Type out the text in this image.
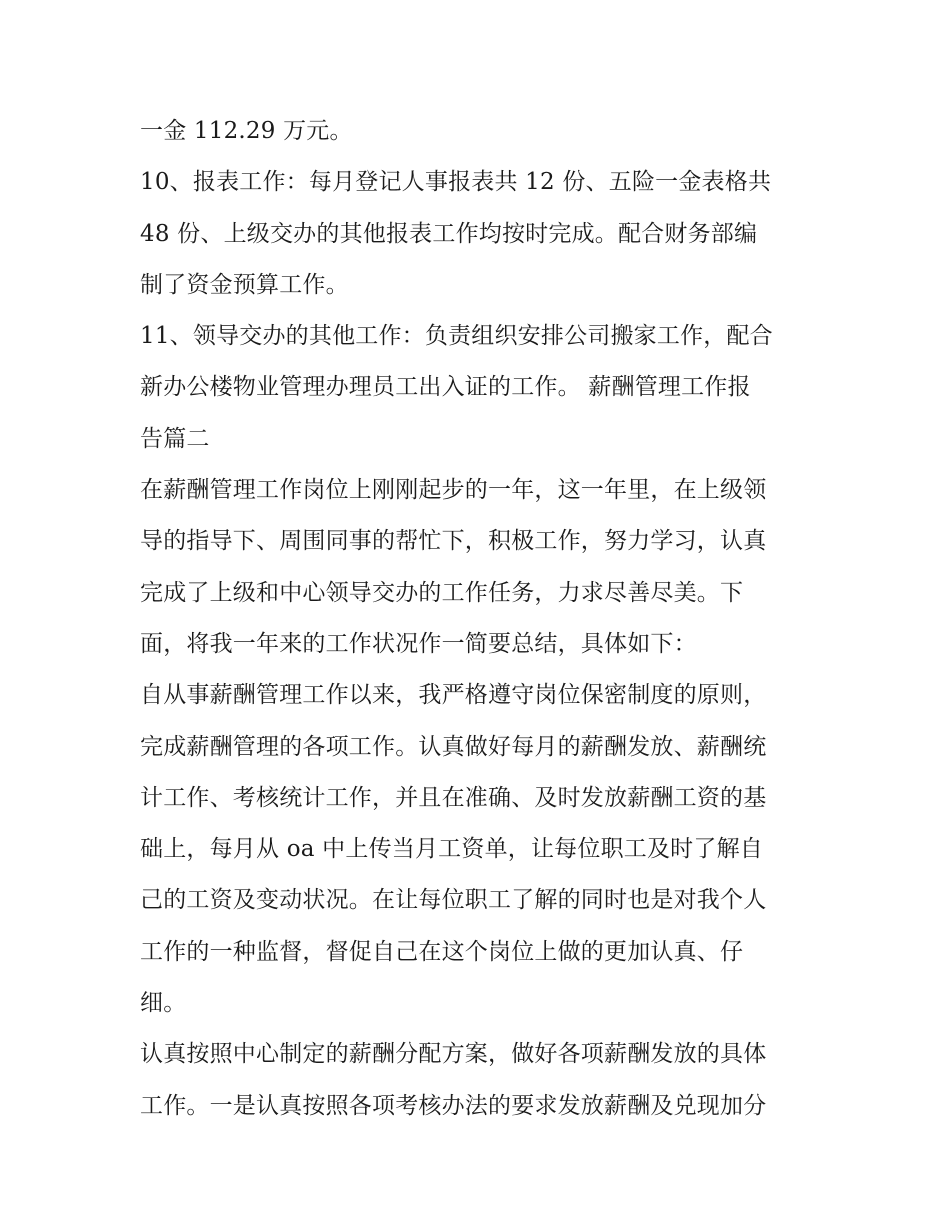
一金 112.29 万元。
10、报表工作：每月登记人事报表共 12 份、五险一金表格共
48 份、上级交办的其他报表工作均按时完成。配合财务部编
制了资金预算工作。
11、领导交办的其他工作：负责组织安排公司搬家工作，配合
新办公楼物业管理办理员工出入证的工作。 薪酬管理工作报
告篇二
在薪酬管理工作岗位上刚刚起步的一年，这一年里，在上级领
导的指导下、周围同事的帮忙下，积极工作，努力学习，认真
完成了上级和中心领导交办的工作任务，力求尽善尽美。下
面，将我一年来的工作状况作一简要总结，具体如下：
自从事薪酬管理工作以来，我严格遵守岗位保密制度的原则，
完成薪酬管理的各项工作。认真做好每月的薪酬发放、薪酬统
计工作、考核统计工作，并且在准确、及时发放薪酬工资的基
础上，每月从 oa 中上传当月工资单，让每位职工及时了解自
己的工资及变动状况。在让每位职工了解的同时也是对我个人
工作的一种监督，督促自己在这个岗位上做的更加认真、仔
细。
认真按照中心制定的薪酬分配方案，做好各项薪酬发放的具体
工作。一是认真按照各项考核办法的要求发放薪酬及兑现加分
